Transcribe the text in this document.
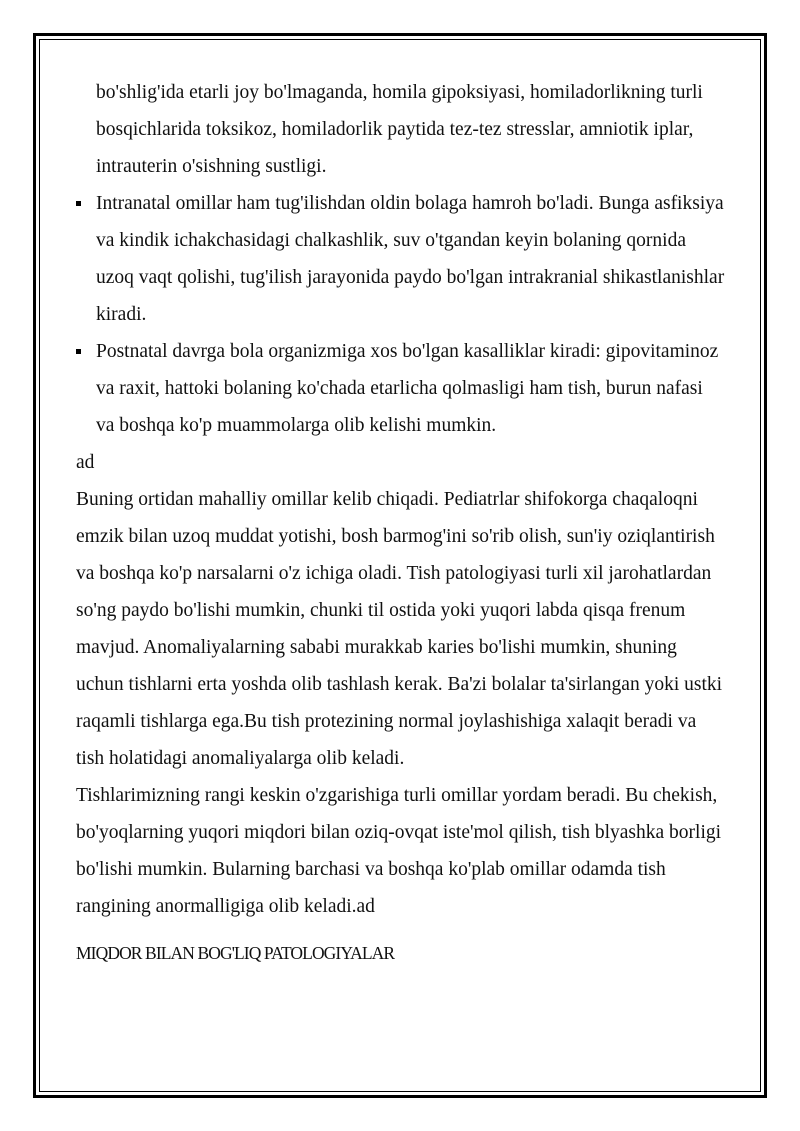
bo'shlig'ida etarli joy bo'lmaganda, homila gipoksiyasi, homiladorlikning turli bosqichlarida toksikoz, homiladorlik paytida tez-tez stresslar, amniotik iplar, intrauterin o'sishning sustligi.

Intranatal omillar ham tug'ilishdan oldin bolaga hamroh bo'ladi. Bunga asfiksiya va kindik ichakchasidagi chalkashlik, suv o'tgandan keyin bolaning qornida uzoq vaqt qolishi, tug'ilish jarayonida paydo bo'lgan intrakranial shikastlanishlar kiradi.
Postnatal davrga bola organizmiga xos bo'lgan kasalliklar kiradi: gipovitaminoz va raxit, hattoki bolaning ko'chada etarlicha qolmasligi ham tish, burun nafasi va boshqa ko'p muammolarga olib kelishi mumkin.

ad

Buning ortidan mahalliy omillar kelib chiqadi. Pediatrlar shifokorga chaqaloqni emzik bilan uzoq muddat yotishi, bosh barmog'ini so'rib olish, sun'iy oziqlantirish va boshqa ko'p narsalarni o'z ichiga oladi. Tish patologiyasi turli xil jarohatlardan so'ng paydo bo'lishi mumkin, chunki til ostida yoki yuqori labda qisqa frenum mavjud. Anomaliyalarning sababi murakkab karies bo'lishi mumkin, shuning uchun tishlarni erta yoshda olib tashlash kerak. Ba'zi bolalar ta'sirlangan yoki ustki raqamli tishlarga ega.Bu tish protezining normal joylashishiga xalaqit beradi va tish holatidagi anomaliyalarga olib keladi.

Tishlarimizning rangi keskin o'zgarishiga turli omillar yordam beradi. Bu chekish, bo'yoqlarning yuqori miqdori bilan oziq-ovqat iste'mol qilish, tish blyashka borligi bo'lishi mumkin. Bularning barchasi va boshqa ko'plab omillar odamda tish rangining anormalligiga olib keladi.ad

MIQDOR BILAN BOG'LIQ PATOLOGIYALAR
